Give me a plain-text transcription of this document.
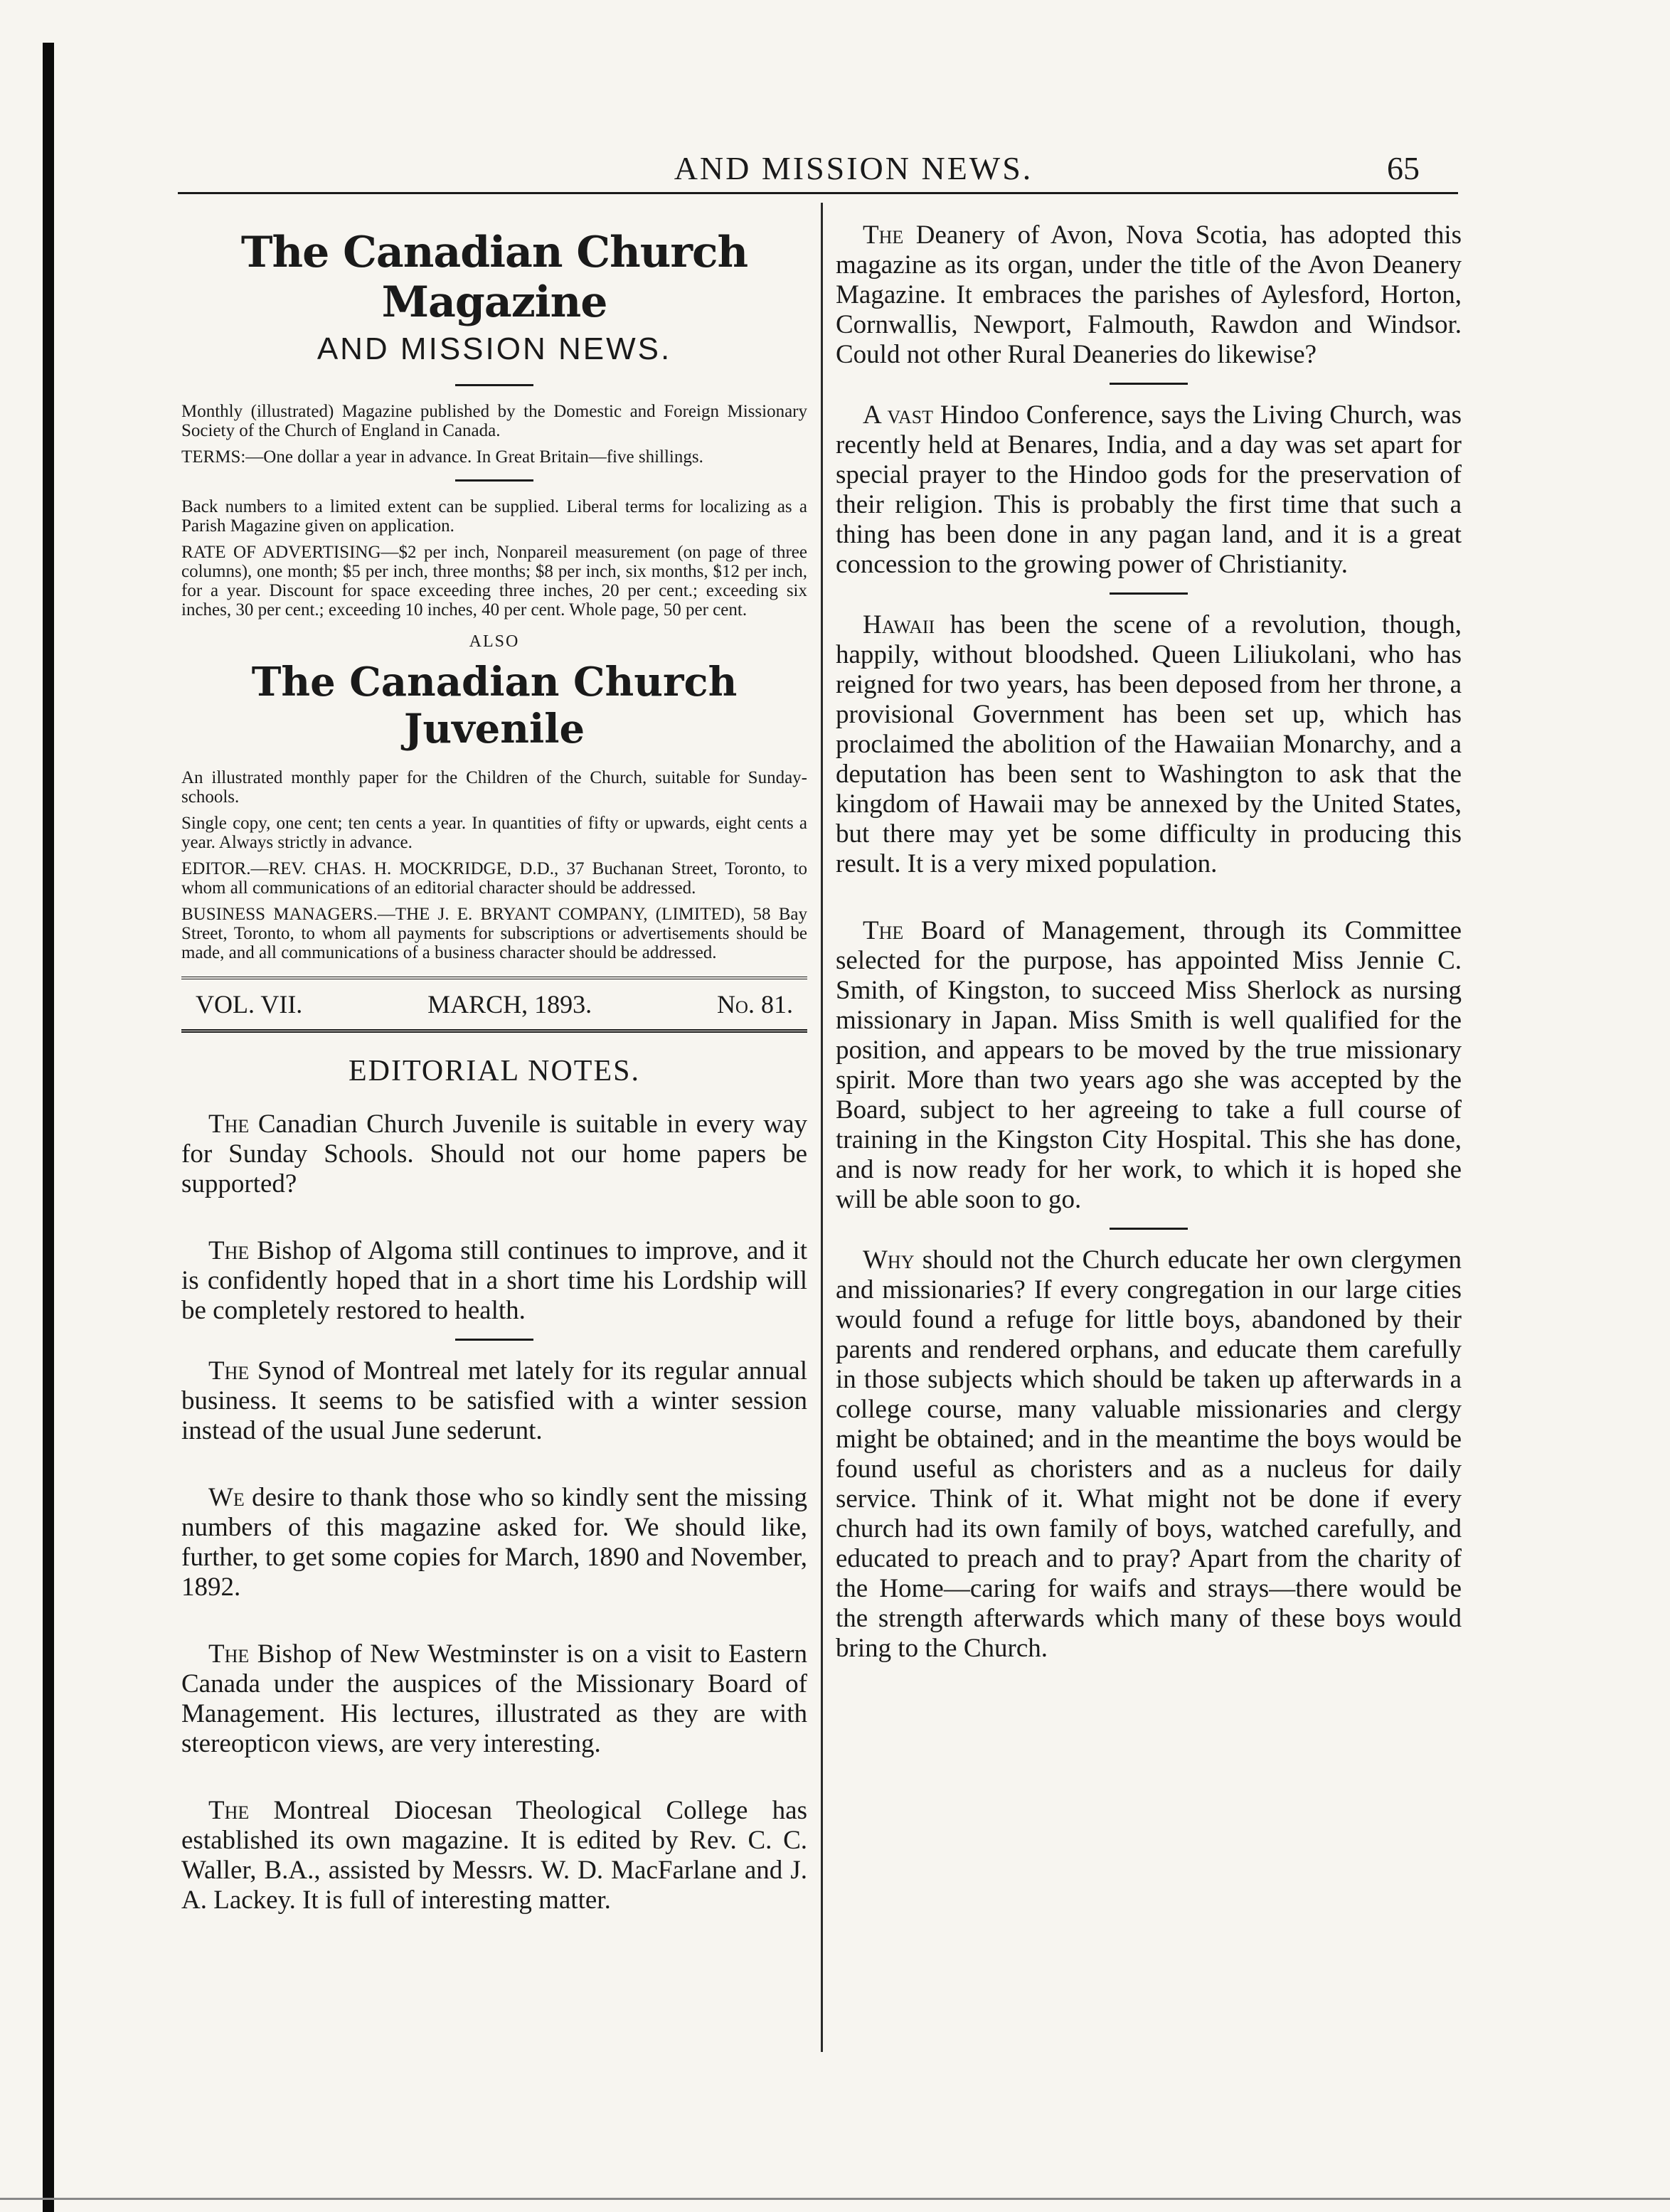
AND MISSION NEWS.	65
The Canadian Church Magazine
AND MISSION NEWS.

Monthly (illustrated) Magazine published by the Domestic and Foreign Missionary Society of the Church of England in Canada.

TERMS:—One dollar a year in advance. In Great Britain—five shillings.

Back numbers to a limited extent can be supplied. Liberal terms for localizing as a Parish Magazine given on application.

RATE OF ADVERTISING—$2 per inch, Nonpareil measurement (on page of three columns), one month; $5 per inch, three months; $8 per inch, six months, $12 per inch, for a year. Discount for space exceeding three inches, 20 per cent.; exceeding six inches, 30 per cent.; exceeding 10 inches, 40 per cent. Whole page, 50 per cent.

ALSO
The Canadian Church Juvenile

An illustrated monthly paper for the Children of the Church, suitable for Sunday-schools.

Single copy, one cent; ten cents a year. In quantities of fifty or upwards, eight cents a year. Always strictly in advance.

EDITOR.—REV. CHAS. H. MOCKRIDGE, D.D., 37 Buchanan Street, Toronto, to whom all communications of an editorial character should be addressed.

BUSINESS MANAGERS.—THE J. E. BRYANT COMPANY, (LIMITED), 58 Bay Street, Toronto, to whom all payments for subscriptions or advertisements should be made, and all communications of a business character should be addressed.

VOL. VII.	MARCH, 1893.	No. 81.
EDITORIAL NOTES.

The Canadian Church Juvenile is suitable in every way for Sunday Schools. Should not our home papers be supported?

The Bishop of Algoma still continues to improve, and it is confidently hoped that in a short time his Lordship will be completely restored to health.

The Synod of Montreal met lately for its regular annual business. It seems to be satisfied with a winter session instead of the usual June sederunt.

We desire to thank those who so kindly sent the missing numbers of this magazine asked for. We should like, further, to get some copies for March, 1890 and November, 1892.

The Bishop of New Westminster is on a visit to Eastern Canada under the auspices of the Missionary Board of Management. His lectures, illustrated as they are with stereopticon views, are very interesting.

The Montreal Diocesan Theological College has established its own magazine. It is edited by Rev. C. C. Waller, B.A., assisted by Messrs. W. D. MacFarlane and J. A. Lackey. It is full of interesting matter.

The Deanery of Avon, Nova Scotia, has adopted this magazine as its organ, under the title of the Avon Deanery Magazine. It embraces the parishes of Aylesford, Horton, Cornwallis, Newport, Falmouth, Rawdon and Windsor. Could not other Rural Deaneries do likewise?

A vast Hindoo Conference, says the Living Church, was recently held at Benares, India, and a day was set apart for special prayer to the Hindoo gods for the preservation of their religion. This is probably the first time that such a thing has been done in any pagan land, and it is a great concession to the growing power of Christianity.

Hawaii has been the scene of a revolution, though, happily, without bloodshed. Queen Liliukolani, who has reigned for two years, has been deposed from her throne, a provisional Government has been set up, which has proclaimed the abolition of the Hawaiian Monarchy, and a deputation has been sent to Washington to ask that the kingdom of Hawaii may be annexed by the United States, but there may yet be some difficulty in producing this result. It is a very mixed population.

The Board of Management, through its Committee selected for the purpose, has appointed Miss Jennie C. Smith, of Kingston, to succeed Miss Sherlock as nursing missionary in Japan. Miss Smith is well qualified for the position, and appears to be moved by the true missionary spirit. More than two years ago she was accepted by the Board, subject to her agreeing to take a full course of training in the Kingston City Hospital. This she has done, and is now ready for her work, to which it is hoped she will be able soon to go.

Why should not the Church educate her own clergymen and missionaries? If every congregation in our large cities would found a refuge for little boys, abandoned by their parents and rendered orphans, and educate them carefully in those subjects which should be taken up afterwards in a college course, many valuable missionaries and clergy might be obtained; and in the meantime the boys would be found useful as choristers and as a nucleus for daily service. Think of it. What might not be done if every church had its own family of boys, watched carefully, and educated to preach and to pray? Apart from the charity of the Home—caring for waifs and strays—there would be the strength afterwards which many of these boys would bring to the Church.
